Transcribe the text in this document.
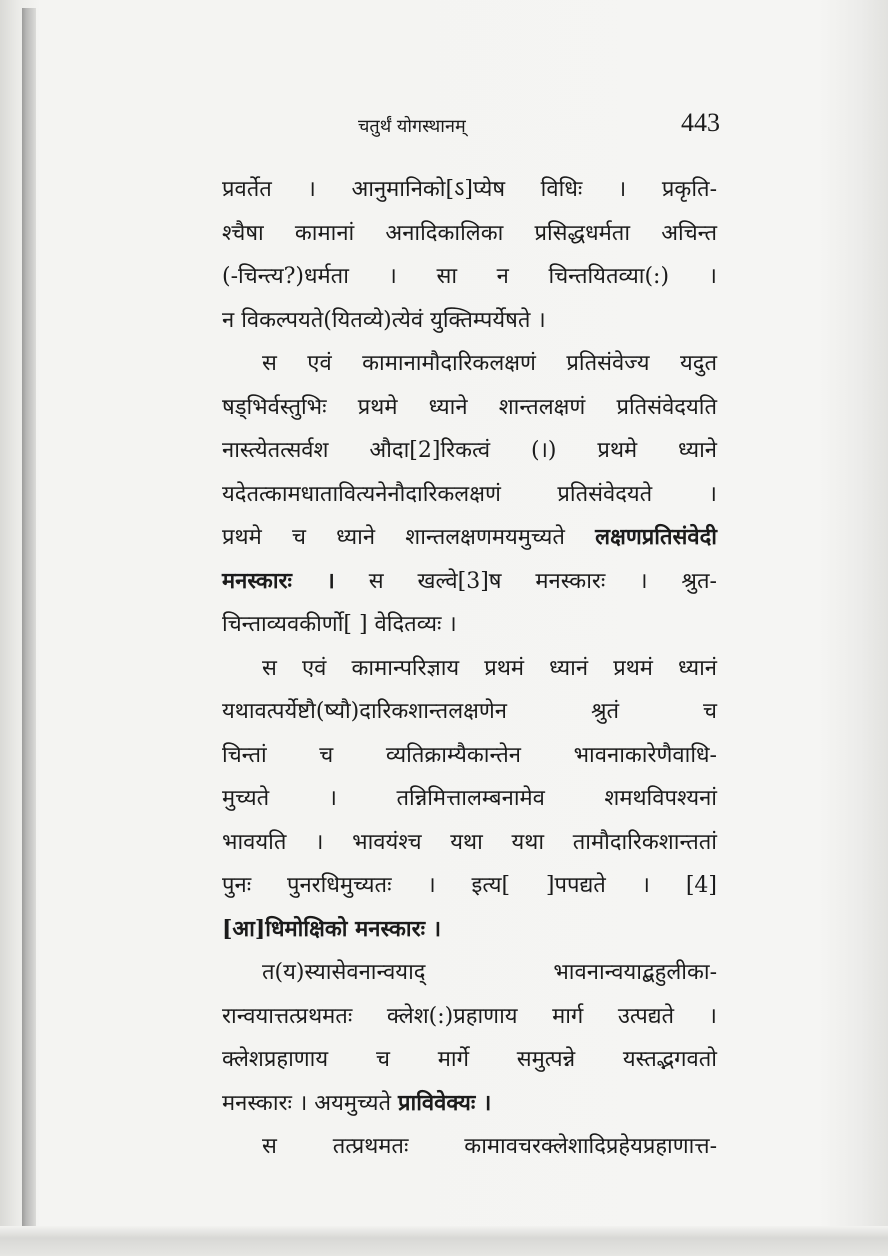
चतुर्थं योगस्थानम्	443
प्रवर्तेत । आनुमानिको[ऽ]प्येष विधिः । प्रकृति-
श्चैषा कामानां अनादिकालिका प्रसिद्धधर्मता अचिन्त
(-चिन्त्य?)धर्मता । सा न चिन्तयितव्या(:) ।
न विकल्पयते(यितव्ये)त्येवं युक्तिम्पर्येषते ।
स एवं कामानामौदारिकलक्षणं प्रतिसंवेज्य यदुत
षड्भिर्वस्तुभिः प्रथमे ध्याने शान्तलक्षणं प्रतिसंवेदयति
नास्त्येतत्सर्वश औदा[2]रिकत्वं (।) प्रथमे ध्याने
यदेतत्कामधातावित्यनेनौदारिकलक्षणं प्रतिसंवेदयते ।
प्रथमे च ध्याने शान्तलक्षणमयमुच्यते लक्षणप्रतिसंवेदी
मनस्कारः । स खल्वे[3]ष मनस्कारः । श्रुत-
चिन्ताव्यवकीर्णो[ ] वेदितव्यः ।
स एवं कामान्परिज्ञाय प्रथमं ध्यानं प्रथमं ध्यानं
यथावत्पर्येष्टौ(ष्यौ)दारिकशान्तलक्षणेन श्रुतं च
चिन्तां च व्यतिक्राम्यैकान्तेन भावनाकारेणैवाधि-
मुच्यते । तन्निमित्तालम्बनामेव शमथविपश्यनां
भावयति । भावयंश्च यथा यथा तामौदारिकशान्ततां
पुनः पुनरधिमुच्यतः । इत्य[ ]पपद्यते । [4]
[आ]धिमोक्षिको मनस्कारः ।
त(य)स्यासेवनान्वयाद् भावनान्वयाद्बहुलीका-
रान्वयात्तत्प्रथमतः क्लेश(:)प्रहाणाय मार्ग उत्पद्यते ।
क्लेशप्रहाणाय च मार्गे समुत्पन्ने यस्तद्भगवतो
मनस्कारः । अयमुच्यते प्राविवेक्यः ।
स तत्प्रथमतः कामावचरक्लेशादिप्रहेयप्रहाणात्त-
